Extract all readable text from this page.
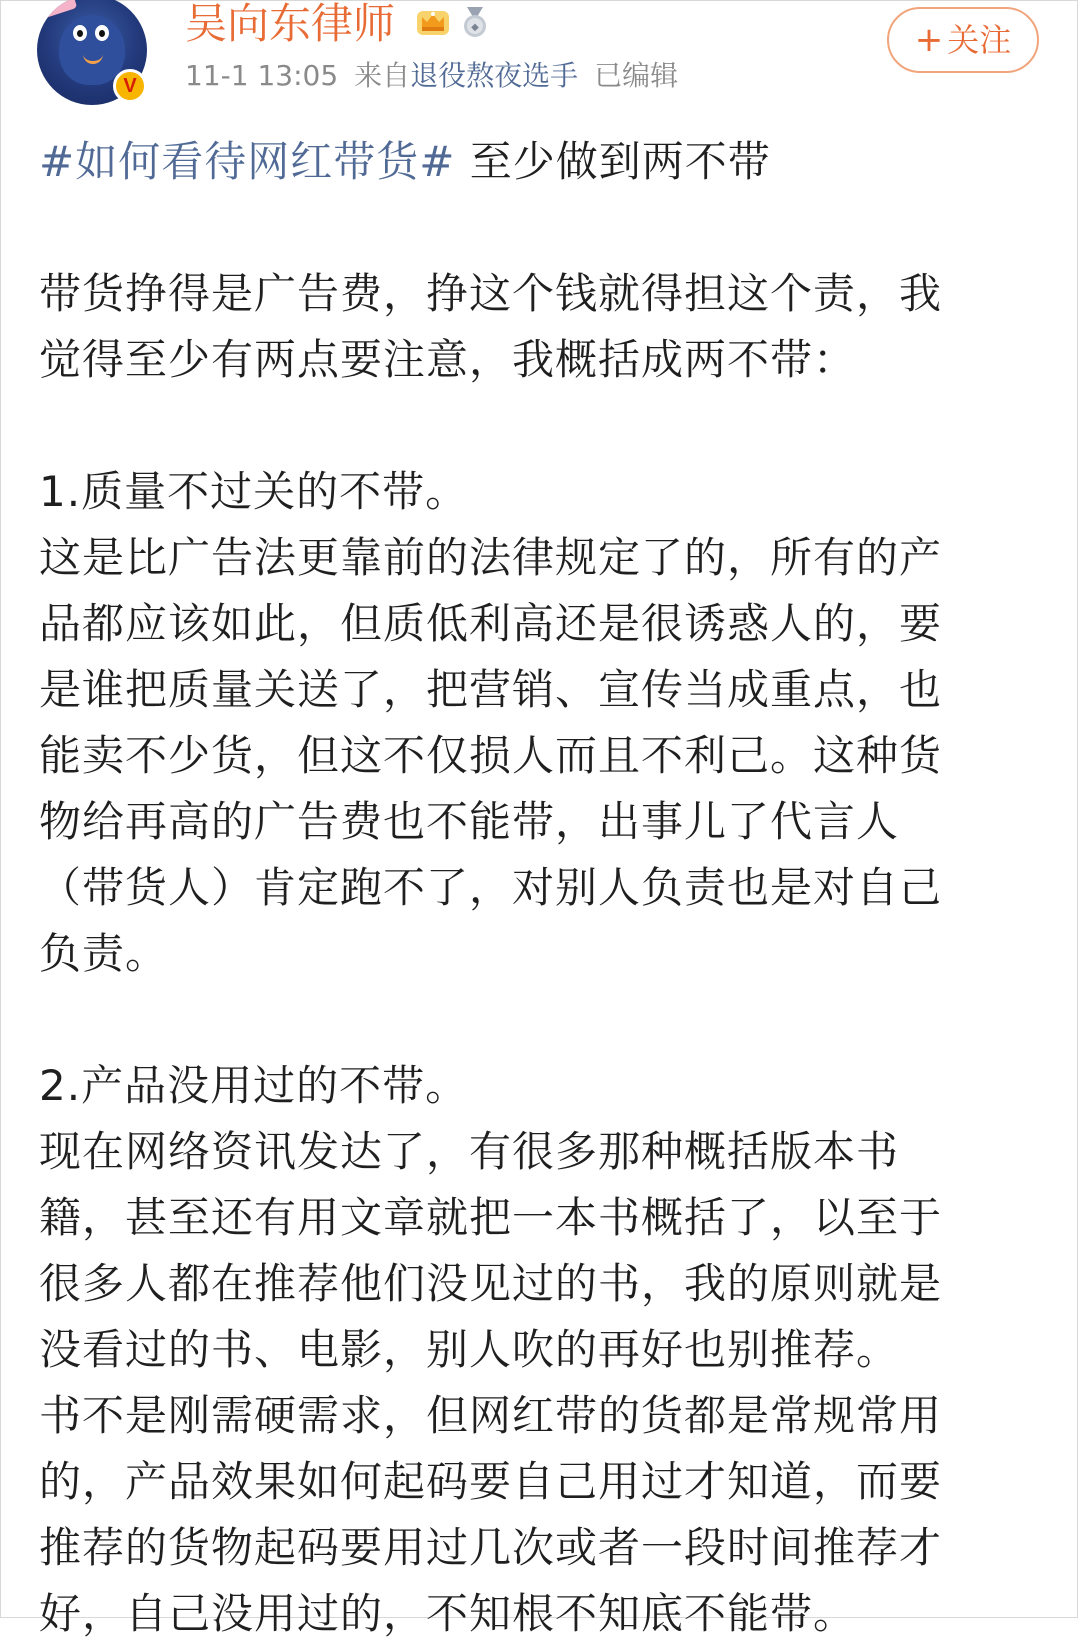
V
吴向东律师	◆
11-1 13:05 来自退役熬夜选手 已编辑
+ 关注

#如何看待网红带货# 至少做到两不带

带货挣得是广告费，挣这个钱就得担这个责，我
觉得至少有两点要注意，我概括成两不带：

1.质量不过关的不带。

这是比广告法更靠前的法律规定了的，所有的产
品都应该如此，但质低利高还是很诱惑人的，要
是谁把质量关送了，把营销、宣传当成重点，也
能卖不少货，但这不仅损人而且不利己。这种货
物给再高的广告费也不能带，出事儿了代言人
（带货人）肯定跑不了，对别人负责也是对自己
负责。

2.产品没用过的不带。

现在网络资讯发达了，有很多那种概括版本书
籍，甚至还有用文章就把一本书概括了，以至于
很多人都在推荐他们没见过的书，我的原则就是
没看过的书、电影，别人吹的再好也别推荐。
书不是刚需硬需求，但网红带的货都是常规常用
的，产品效果如何起码要自己用过才知道，而要
推荐的货物起码要用过几次或者一段时间推荐才
好，自己没用过的，不知根不知底不能带。
